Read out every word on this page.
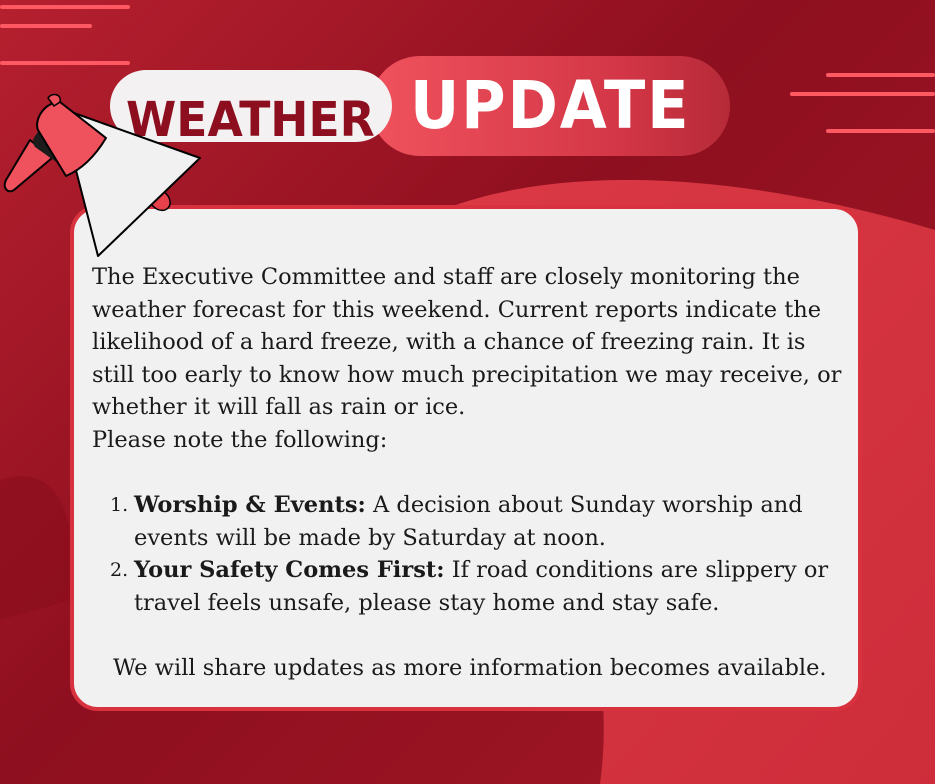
WEATHER UPDATE

The Executive Committee and staff are closely monitoring the weather forecast for this weekend. Current reports indicate the likelihood of a hard freeze, with a chance of freezing rain. It is still too early to know how much precipitation we may receive, or whether it will fall as rain or ice.

Please note the following:

1. Worship & Events: A decision about Sunday worship and events will be made by Saturday at noon.
2. Your Safety Comes First: If road conditions are slippery or travel feels unsafe, please stay home and stay safe.

We will share updates as more information becomes available.
